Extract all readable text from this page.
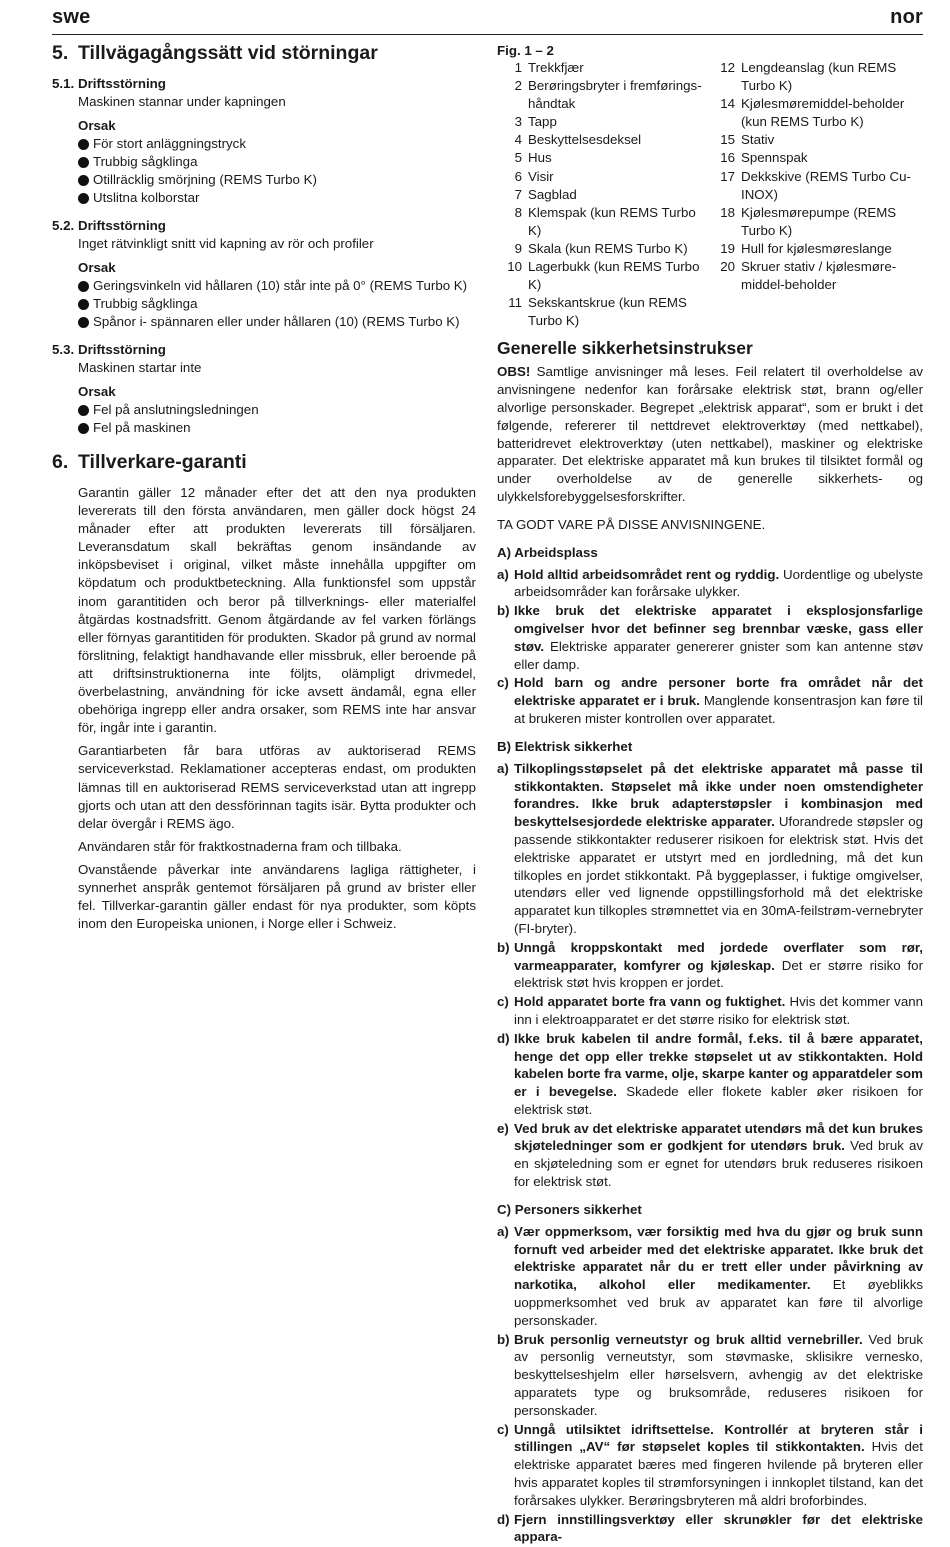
swe	nor
5. Tillvägagångssätt vid störningar
5.1. Driftsstörning
Maskinen stannar under kapningen
Orsak
För stort anläggningstryck
Trubbig sågklinga
Otillräcklig smörjning (REMS Turbo K)
Utslitna kolborstar
5.2. Driftsstörning
Inget rätvinkligt snitt vid kapning av rör och profiler
Orsak
Geringsvinkeln vid hållaren (10) står inte på 0° (REMS Turbo K)
Trubbig sågklinga
Spånor i- spännaren eller under hållaren (10) (REMS Turbo K)
5.3. Driftsstörning
Maskinen startar inte
Orsak
Fel på anslutningsledningen
Fel på maskinen
6. Tillverkare-garanti

Garantin gäller 12 månader efter det att den nya produkten levererats till den första användaren, men gäller dock högst 24 månader efter att produkten levererats till försäljaren. Leveransdatum skall bekräftas genom insändande av inköpsbeviset i original, vilket måste innehålla uppgifter om köpdatum och produktbeteckning. Alla funktionsfel som uppstår inom garantitiden och beror på tillverknings- eller materialfel åtgärdas kostnadsfritt. Genom åtgärdande av fel varken förlängs eller förnyas garantitiden för produkten. Skador på grund av normal förslitning, felaktigt handhavande eller missbruk, eller beroende på att driftsinstruktionerna inte följts, olämpligt drivmedel, överbelastning, användning för icke avsett ändamål, egna eller obehöriga ingrepp eller andra orsaker, som REMS inte har ansvar för, ingår inte i garantin.

Garantiarbeten får bara utföras av auktoriserad REMS serviceverkstad. Reklamationer accepteras endast, om produkten lämnas till en auktoriserad REMS serviceverkstad utan att ingrepp gjorts och utan att den dessförinnan tagits isär. Bytta produkter och delar övergår i REMS ägo.

Användaren står för fraktkostnaderna fram och tillbaka.

Ovanstående påverkar inte användarens lagliga rättigheter, i synnerhet anspråk gentemot försäljaren på grund av brister eller fel. Tillverkar-garantin gäller endast för nya produkter, som köpts inom den Europeiska unionen, i Norge eller i Schweiz.

Fig. 1 – 2
1 Trekkfjær
2 Berøringsbryter i fremførings-håndtak
3 Tapp
4 Beskyttelsesdeksel
5 Hus
6 Visir
7 Sagblad
8 Klemspak (kun REMS Turbo K)
9 Skala (kun REMS Turbo K)
10 Lagerbukk (kun REMS Turbo K)
11 Sekskantskrue (kun REMS Turbo K)
12 Lengdeanslag (kun REMS Turbo K)
14 Kjølesmøremiddel-beholder (kun REMS Turbo K)
15 Stativ
16 Spennspak
17 Dekkskive (REMS Turbo Cu-INOX)
18 Kjølesmørepumpe (REMS Turbo K)
19 Hull for kjølesmøreslange
20 Skruer stativ / kjølesmøre-middel-beholder
Generelle sikkerhetsinstrukser

OBS! Samtlige anvisninger må leses. Feil relatert til overholdelse av anvisningene nedenfor kan forårsake elektrisk støt, brann og/eller alvorlige personskader. Begrepet „elektrisk apparat“, som er brukt i det følgende, refererer til nettdrevet elektroverktøy (med nettkabel), batteridrevet elektroverktøy (uten nettkabel), maskiner og elektriske apparater. Det elektriske apparatet må kun brukes til tilsiktet formål og under overholdelse av de generelle sikkerhets- og ulykkelsforebyggelsesforskrifter.

TA GODT VARE PÅ DISSE ANVISNINGENE.

A) Arbeidsplass
a) Hold alltid arbeidsområdet rent og ryddig. Uordentlige og ubelyste arbeidsområder kan forårsake ulykker.
b) Ikke bruk det elektriske apparatet i eksplosjonsfarlige omgivelser hvor det befinner seg brennbar væske, gass eller støv. Elektriske apparater genererer gnister som kan antenne støv eller damp.
c) Hold barn og andre personer borte fra området når det elektriske apparatet er i bruk. Manglende konsentrasjon kan føre til at brukeren mister kontrollen over apparatet.
B) Elektrisk sikkerhet
a) Tilkoplingsstøpselet på det elektriske apparatet må passe til stikkontakten. Støpselet må ikke under noen omstendigheter forandres. Ikke bruk adapterstøpsler i kombinasjon med beskyttelsesjordede elektriske apparater. Uforandrede støpsler og passende stikkontakter reduserer risikoen for elektrisk støt. Hvis det elektriske apparatet er utstyrt med en jordledning, må det kun tilkoples en jordet stikkontakt. På byggeplasser, i fuktige omgivelser, utendørs eller ved lignende oppstillingsforhold må det elektriske apparatet kun tilkoples strømnettet via en 30mA-feilstrøm-vernebryter (FI-bryter).
b) Unngå kroppskontakt med jordede overflater som rør, varmeapparater, komfyrer og kjøleskap. Det er større risiko for elektrisk støt hvis kroppen er jordet.
c) Hold apparatet borte fra vann og fuktighet. Hvis det kommer vann inn i elektroapparatet er det større risiko for elektrisk støt.
d) Ikke bruk kabelen til andre formål, f.eks. til å bære apparatet, henge det opp eller trekke støpselet ut av stikkontakten. Hold kabelen borte fra varme, olje, skarpe kanter og apparatdeler som er i bevegelse. Skadede eller flokete kabler øker risikoen for elektrisk støt.
e) Ved bruk av det elektriske apparatet utendørs må det kun brukes skjøteledninger som er godkjent for utendørs bruk. Ved bruk av en skjøteledning som er egnet for utendørs bruk reduseres risikoen for elektrisk støt.
C) Personers sikkerhet
a) Vær oppmerksom, vær forsiktig med hva du gjør og bruk sunn fornuft ved arbeider med det elektriske apparatet. Ikke bruk det elektriske apparatet når du er trett eller under påvirkning av narkotika, alkohol eller medikamenter. Et øyeblikks uoppmerksomhet ved bruk av apparatet kan føre til alvorlige personskader.
b) Bruk personlig verneutstyr og bruk alltid vernebriller. Ved bruk av personlig verneutstyr, som støvmaske, sklisikre vernesko, beskyttelseshjelm eller hørselsvern, avhengig av det elektriske apparatets type og bruksområde, reduseres risikoen for personskader.
c) Unngå utilsiktet idriftsettelse. Kontrollér at bryteren står i stillingen „AV“ før støpselet koples til stikkontakten. Hvis det elektriske apparatet bæres med fingeren hvilende på bryteren eller hvis apparatet koples til strømforsyningen i innkoplet tilstand, kan det forårsakes ulykker. Berøringsbryteren må aldri broforbindes.
d) Fjern innstillingsverktøy eller skrunøkler før det elektriske appara-
